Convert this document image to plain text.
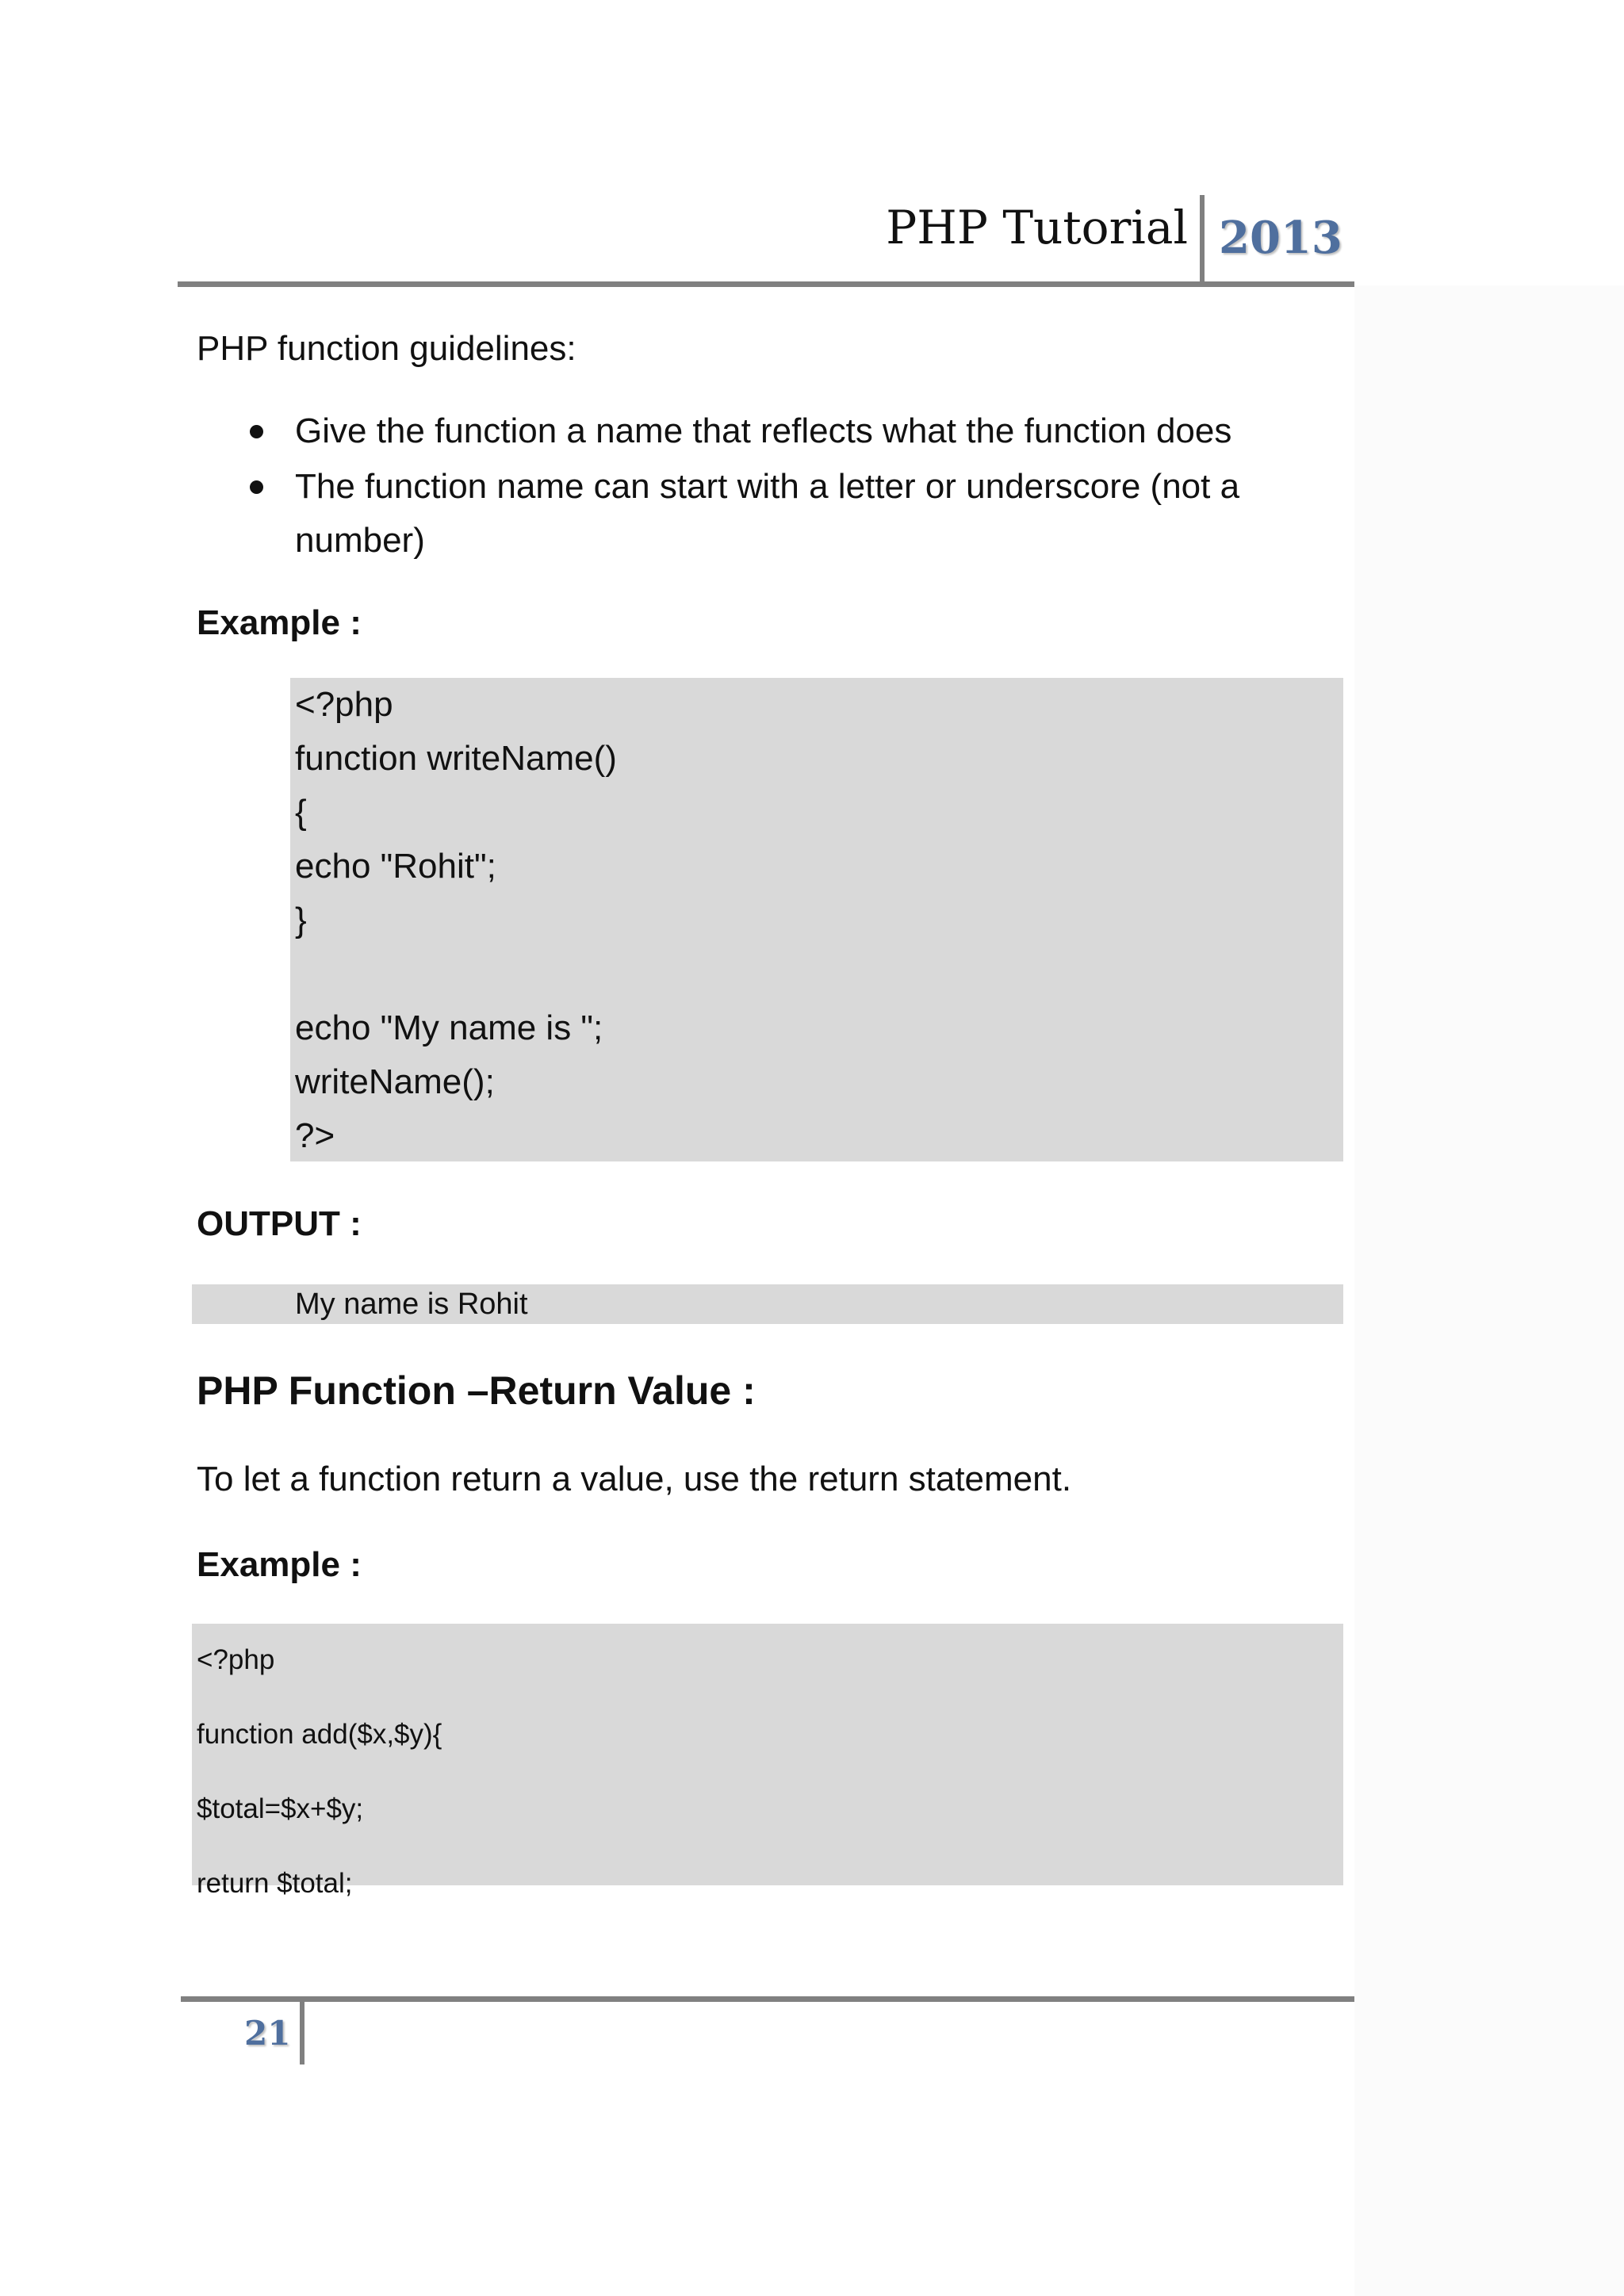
PHP Tutorial 2013
PHP function guidelines:
Give the function a name that reflects what the function does
The function name can start with a letter or underscore (not a
number)
Example :
<?php
function writeName()
{
echo "Rohit";
}
echo "My name is ";
writeName();
?>
OUTPUT :
My name is Rohit
PHP Function –Return Value :
To let a function return a value, use the return statement.
Example :
<?php
function add($x,$y){
$total=$x+$y;
return $total;
21
